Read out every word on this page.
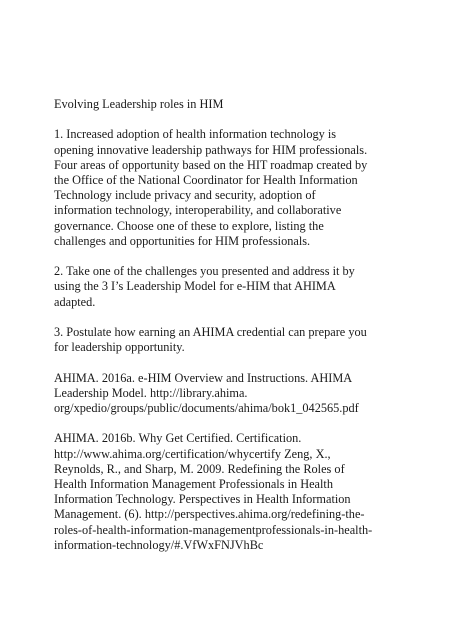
Evolving Leadership roles in HIM
1. Increased adoption of health information technology is
opening innovative leadership pathways for HIM professionals.
Four areas of opportunity based on the HIT roadmap created by
the Office of the National Coordinator for Health Information
Technology include privacy and security, adoption of
information technology, interoperability, and collaborative
governance. Choose one of these to explore, listing the
challenges and opportunities for HIM professionals.
2. Take one of the challenges you presented and address it by
using the 3 I’s Leadership Model for e-HIM that AHIMA
adapted.
3. Postulate how earning an AHIMA credential can prepare you
for leadership opportunity.
AHIMA. 2016a. e-HIM Overview and Instructions. AHIMA
Leadership Model. http://library.ahima.
org/xpedio/groups/public/documents/ahima/bok1_042565.pdf
AHIMA. 2016b. Why Get Certified. Certification.
http://www.ahima.org/certification/whycertify Zeng, X.,
Reynolds, R., and Sharp, M. 2009. Redefining the Roles of
Health Information Management Professionals in Health
Information Technology. Perspectives in Health Information
Management. (6). http://perspectives.ahima.org/redefining-the-
roles-of-health-information-managementprofessionals-in-health-
information-technology/#.VfWxFNJVhBc
